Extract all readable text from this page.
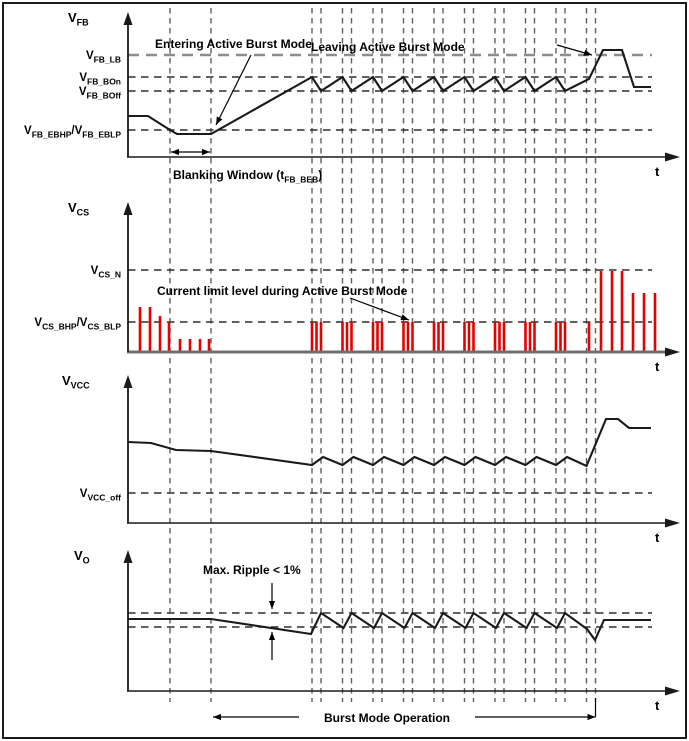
$V_{FB\_LB}$
$V_{FB\_BOn}$
$V_{FB\_BOff}$
$V_{FB\_EBHP}/V_{FB\_EBLP}$
$V_{FB}$
t
$V_{CS\_N}$
$V_{CS\_BHP}/V_{CS\_BLP}$
$V_{CS}$
t
$V_{VCC\_off}$
$V_{VCC}$
t
$V_O$
t
Entering Active Burst Mode Leaving Active Burst Mode
Blanking Window $(t_{FB\_BEB})$
Current limit level during Active Burst Mode
Max. Ripple < 1%
Burst Mode Operation
